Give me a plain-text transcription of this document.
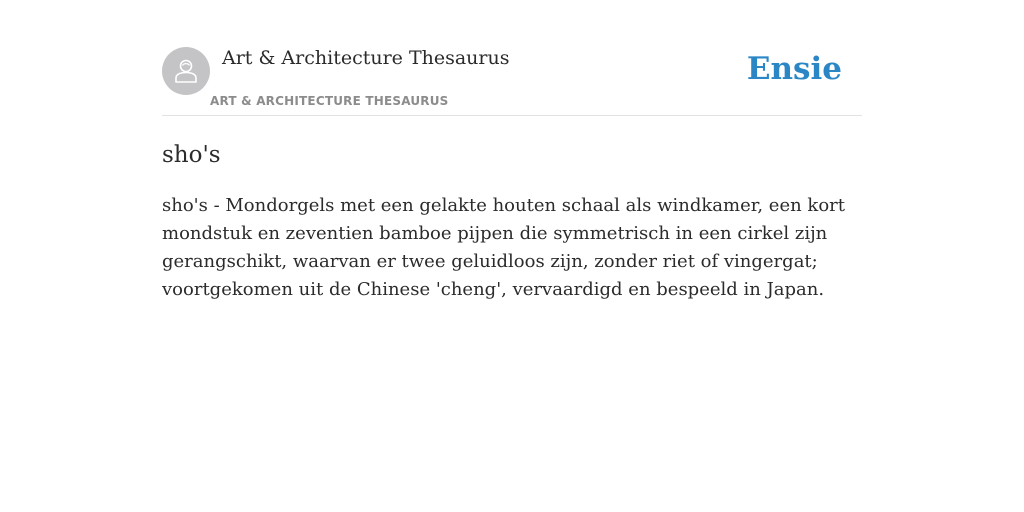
Art & Architecture Thesaurus
ART & ARCHITECTURE THESAURUS
Ensie
sho's

sho's - Mondorgels met een gelakte houten schaal als windkamer, een kort mondstuk en zeventien bamboe pijpen die symmetrisch in een cirkel zijn gerangschikt, waarvan er twee geluidloos zijn, zonder riet of vingergat; voortgekomen uit de Chinese 'cheng', vervaardigd en bespeeld in Japan.
